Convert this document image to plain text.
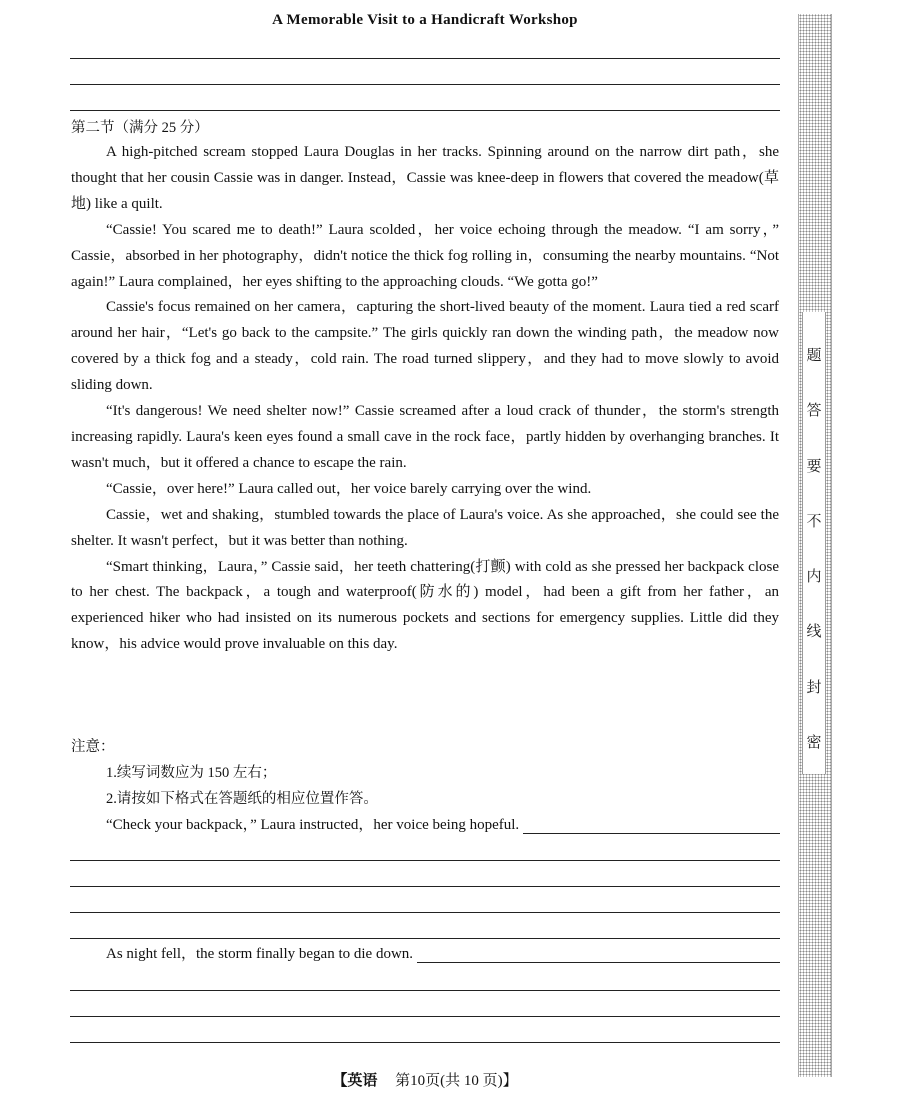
A Memorable Visit to a Handicraft Workshop
第二节（满分 25 分）

A high-pitched scream stopped Laura Douglas in her tracks. Spinning around on the narrow dirt path，she thought that her cousin Cassie was in danger. Instead，Cassie was knee-deep in flowers that covered the meadow(草地) like a quilt.

“Cassie! You scared me to death!” Laura scolded，her voice echoing through the meadow. “I am sorry，” Cassie，absorbed in her photography，didn't notice the thick fog rolling in，consuming the nearby mountains. “Not again!” Laura complained，her eyes shifting to the approaching clouds. “We gotta go!”

Cassie's focus remained on her camera，capturing the short-lived beauty of the moment. Laura tied a red scarf around her hair，“Let's go back to the campsite.” The girls quickly ran down the winding path，the meadow now covered by a thick fog and a steady，cold rain. The road turned slippery，and they had to move slowly to avoid sliding down.

“It's dangerous! We need shelter now!” Cassie screamed after a loud crack of thunder，the storm's strength increasing rapidly. Laura's keen eyes found a small cave in the rock face，partly hidden by overhanging branches. It wasn't much，but it offered a chance to escape the rain.

“Cassie，over here!” Laura called out，her voice barely carrying over the wind.

Cassie，wet and shaking，stumbled towards the place of Laura's voice. As she approached，she could see the shelter. It wasn't perfect，but it was better than nothing.

“Smart thinking，Laura，” Cassie said，her teeth chattering(打颤) with cold as she pressed her backpack close to her chest. The backpack，a tough and waterproof(防水的) model，had been a gift from her father，an experienced hiker who had insisted on its numerous pockets and sections for emergency supplies. Little did they know，his advice would prove invaluable on this day.

注意：
1.续写词数应为 150 左右；
2.请按如下格式在答题纸的相应位置作答。
“Check your backpack，” Laura instructed，her voice being hopeful.
As night fell，the storm finally began to die down.
【英语 第10页(共 10 页)】
题
答
要
不
内
线
封
密
